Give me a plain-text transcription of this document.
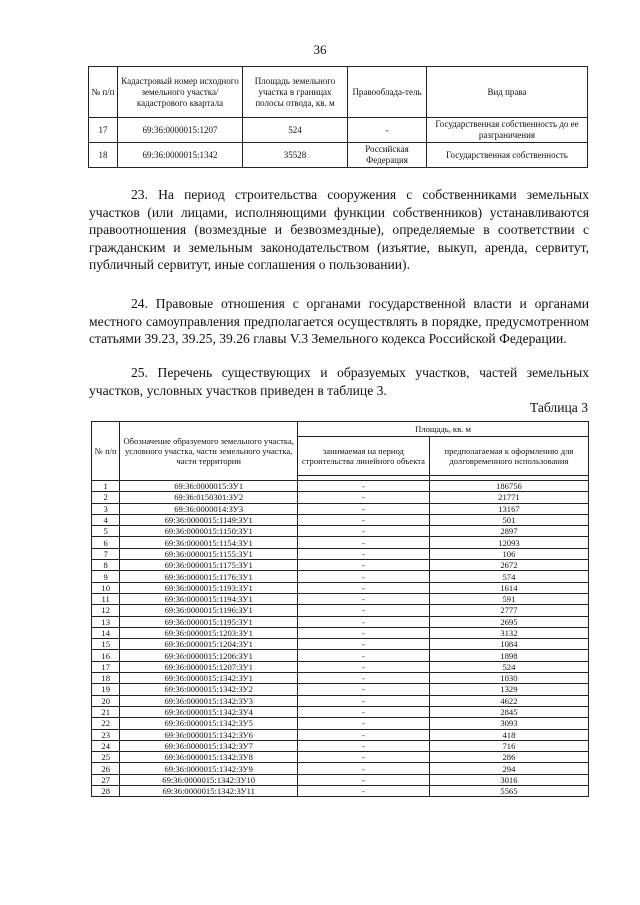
36
№ п/п	Кадастровый номер исходного земельного участка/ кадастрового квартала	Площадь земельного участка в границах полосы отвода, кв. м	Правооблада-тель	Вид права
17	69:36:0000015:1207	524	-	Государственная собственность до ее разграничения
18	69:36:0000015:1342	35528	Российская Федерация	Государственная собственность
23. На период строительства сооружения с собственниками земельных участков (или лицами, исполняющими функции собственников) устанавливаются правоотношения (возмездные и безвозмездные), определяемые в соответствии с гражданским и земельным законодательством (изъятие, выкуп, аренда, сервитут, публичный сервитут, иные соглашения о пользовании).
24. Правовые отношения с органами государственной власти и органами местного самоуправления предполагается осуществлять в порядке, предусмотренном статьями 39.23, 39.25, 39.26 главы V.3 Земельного кодекса Российской Федерации.
25. Перечень существующих и образуемых участков, частей земельных участков, условных участков приведен в таблице 3.
Таблица 3
№ п/п	Обозначение образуемого земельного участка, условного участка, части земельного участка, части территории	Площадь, кв. м	
		занимаемая на период строительства линейного объекта	предполагаемая к оформлению для долговременного использования

1	69:36:0000015:ЗУ1	-	186756
2	69:36:0150301:ЗУ2	-	21771
3	69:36:0000014:ЗУ3	-	13167
4	69:36:0000015:1149:ЗУ1	-	501
5	69:36:0000015:1150:ЗУ1	-	2897
6	69:36:0000015:1154:ЗУ1	-	12093
7	69:36:0000015:1155:ЗУ1	-	106
8	69:36:0000015:1175:ЗУ1	-	2672
9	69:36:0000015:1176:ЗУ1	-	574
10	69:36:0000015:1193:ЗУ1	-	1614
11	69:36:0000015:1194:ЗУ1	-	591
12	69:36:0000015:1196:ЗУ1	-	2777
13	69:36:0000015:1195:ЗУ1	-	2695
14	69:36:0000015:1203:ЗУ1	-	3132
15	69:36:0000015:1204:ЗУ1	-	1084
16	69:36:0000015:1206:ЗУ1	-	1898
17	69:36:0000015:1207:ЗУ1	-	524
18	69:36:0000015:1342:ЗУ1	-	1030
19	69:36:0000015:1342:ЗУ2	-	1329
20	69:36:0000015:1342:ЗУ3	-	4622
21	69:36:0000015:1342:ЗУ4	-	2845
22	69:36:0000015:1342:ЗУ5	-	3093
23	69:36:0000015:1342:ЗУ6	-	418
24	69:36:0000015:1342:ЗУ7	-	716
25	69:36:0000015:1342:ЗУ8	-	286
26	69:36:0000015:1342:ЗУ9	-	294
27	69:36:0000015:1342:ЗУ10	-	3016
28	69:36:0000015:1342:ЗУ11	-	5565
